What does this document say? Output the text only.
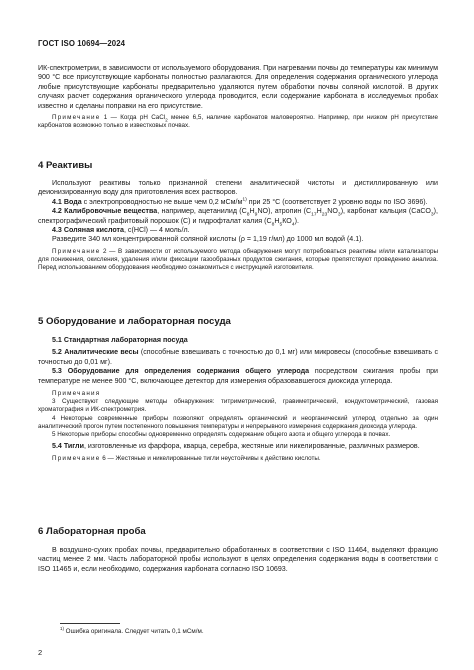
ГОСТ ISO 10694—2024

ИК-спектрометрии, в зависимости от используемого оборудования. При нагревании почвы до температуры как минимум 900 °С все присутствующие карбонаты полностью разлагаются. Для определения содержания органического углерода любые присутствующие карбонаты предварительно удаляются путем обработки почвы соляной кислотой. В других случаях расчет содержания органического углерода проводится, если содержание карбоната в исследуемых пробах известно и сделаны поправки на его присутствие.

Примечание 1 — Когда рН CaCl$_2$ менее 6,5, наличие карбонатов маловероятно. Например, при низком рН присутствие карбонатов возможно только в известковых почвах.

4 Реактивы

Используют реактивы только признанной степени аналитической чистоты и дистиллированную или деионизированную воду для приготовления всех растворов.

4.1 Вода с электропроводностью не выше чем 0,2 мСм/$м^{1)}$ при 25 °С (соответствует 2 уровню воды по ISO 3696).

4.2 Калибровочные вещества, например, ацетанилид $(С_8Н_9NO)$, атропин $(С_{17}Н_{23}NO_3)$, карбонат кальция (СаСО$_3$), спектрографический графитовый порошок (С) и гидрофталат калия $(С_8Н_5КО_4)$.

4.3 Соляная кислота, c(HCl) — 4 моль/л.

Разведите 340 мл концентрированной соляной кислоты (ρ = 1,19 г/мл) до 1000 мл водой (4.1).

Примечание 2 — В зависимости от используемого метода обнаружения могут потребоваться реактивы и/или катализаторы для понижения, окисления, удаления и/или фиксации газообразных продуктов сжигания, которые препятствуют проведению анализа. Перед использованием оборудования необходимо ознакомиться с инструкцией изготовителя.

5 Оборудование и лабораторная посуда

5.1 Стандартная лабораторная посуда

5.2 Аналитические весы (способные взвешивать с точностью до 0,1 мг) или микровесы (способные взвешивать с точностью до 0,01 мг).

5.3 Оборудование для определения содержания общего углерода посредством сжигания пробы при температуре не менее 900 °С, включающее детектор для измерения образовавшегося диоксида углерода.

Примечания

3 Существуют следующие методы обнаружения: титриметрический, гравиметрический, кондуктометрический, газовая хроматография и ИК-спектрометрия.

4 Некоторые современные приборы позволяют определять органический и неорганический углерод отдельно за один аналитический прогон путем постепенного повышения температуры и непрерывного измерения содержания диоксида углерода.

5 Некоторые приборы способны одновременно определять содержание общего азота и общего углерода в почвах.

5.4 Тигли, изготовленные из фарфора, кварца, серебра, жестяные или никелированные, различных размеров.

Примечание 6 — Жестяные и никелированные тигли неустойчивы к действию кислоты.

6 Лабораторная проба

В воздушно-сухих пробах почвы, предварительно обработанных в соответствии с ISO 11464, выделяют фракцию частиц менее 2 мм. Часть лабораторной пробы используют в целях определения содержания воды в соответствии с ISO 11465 и, если необходимо, содержания карбоната согласно ISO 10693.

$^{1)}$ Ошибка оригинала. Следует читать 0,1 мСм/м.
2
